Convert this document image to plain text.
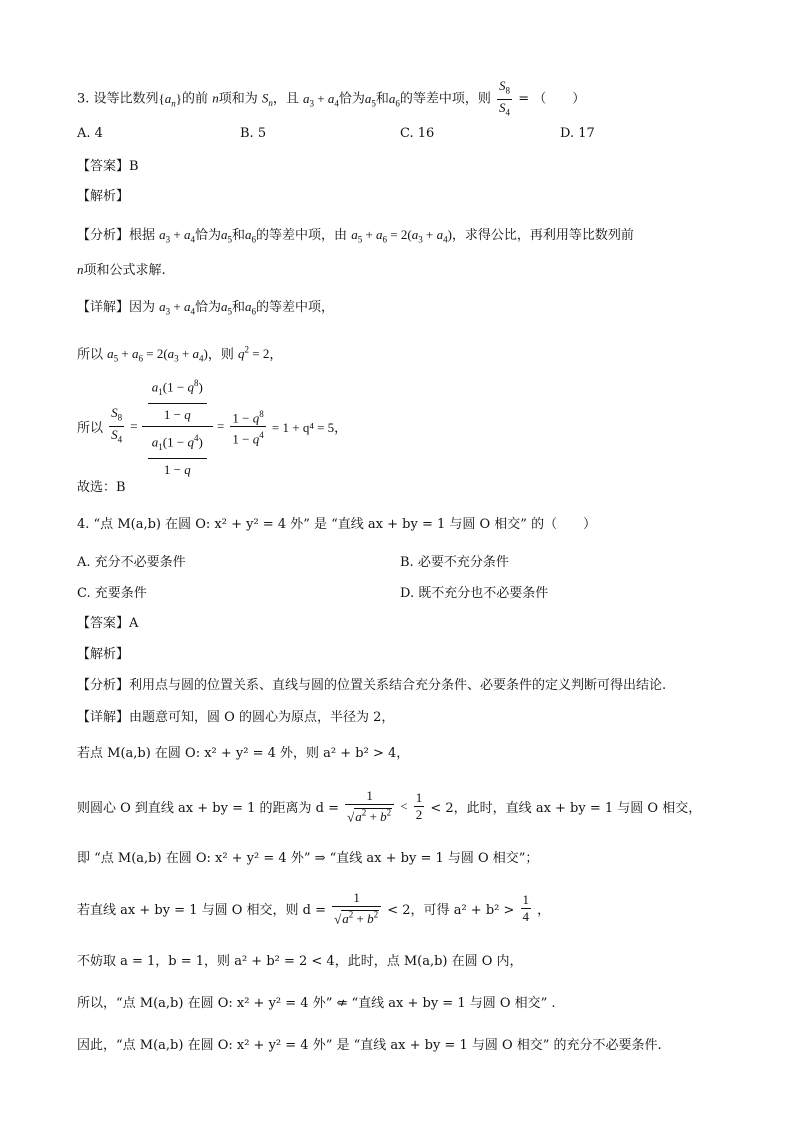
3. 设等比数列$\{a_n\}$的前 n项和为 $S_n$，且 $a_3 + a_4$恰为$a_5$和$a_6$的等差中项，则 $\frac{S_8}{S_4}$ = （　　）
A. 4	B. 5	C. 16	D. 17
【答案】B
【解析】
【分析】根据 $a_3 + a_4$恰为$a_5$和$a_6$的等差中项，由 $a_5 + a_6 = 2(a_3 + a_4)$，求得公比，再利用等比数列前
n项和公式求解.
【详解】因为 $a_3 + a_4$恰为$a_5$和$a_6$的等差中项，
所以 $a_5 + a_6 = 2(a_3 + a_4)$，则 $q^2 = 2$，
所以 $\frac{S_8}{S_4} = \frac{\frac{a_1(1 - q^8)}{1 - q}}{\frac{a_1(1 - q^4)}{1 - q}} = \frac{1 - q^8}{1 - q^4} = 1 + q^4 = 5$，
故选：B
4. “点 M(a,b) 在圆 O: x² + y² = 4 外” 是 “直线 ax + by = 1 与圆 O 相交” 的（　　）
A. 充分不必要条件	B. 必要不充分条件
C. 充要条件	D. 既不充分也不必要条件
【答案】A
【解析】
【分析】利用点与圆的位置关系、直线与圆的位置关系结合充分条件、必要条件的定义判断可得出结论.
【详解】由题意可知，圆 O 的圆心为原点，半径为 2，
若点 M(a,b) 在圆 O: x² + y² = 4 外，则 a² + b² > 4，
则圆心 O 到直线 ax + by = 1 的距离为 $d = \frac{1}{√a^2 + b^2} < \frac{1}{2} < 2$，此时，直线 ax + by = 1 与圆 O 相交，
即 “点 M(a,b) 在圆 O: x² + y² = 4 外” ⇒ “直线 ax + by = 1 与圆 O 相交”；
若直线 ax + by = 1 与圆 O 相交，则 $d = \frac{1}{√a^2 + b^2} < 2$，可得 $a^2 + b^2 > \frac{1}{4}$ ，
不妨取 a = 1，b = 1，则 a² + b² = 2 < 4，此时，点 M(a,b) 在圆 O 内，
所以，“点 M(a,b) 在圆 O: x² + y² = 4 外” ⇍ “直线 ax + by = 1 与圆 O 相交” .
因此，“点 M(a,b) 在圆 O: x² + y² = 4 外” 是 “直线 ax + by = 1 与圆 O 相交” 的充分不必要条件.
